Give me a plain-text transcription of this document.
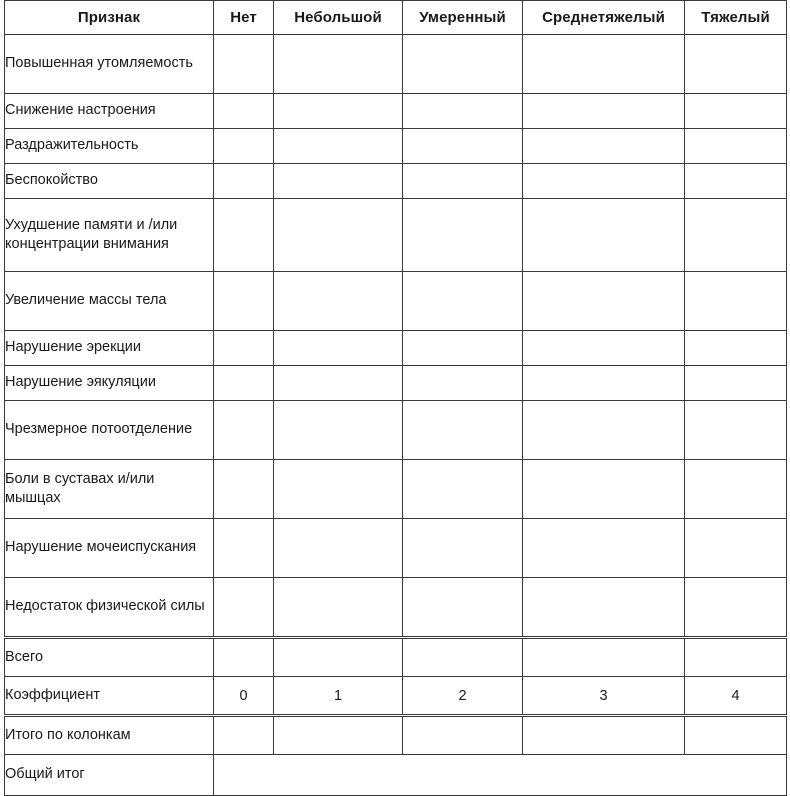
Признак	Нет	Небольшой	Умеренный	Среднетяжелый	Тяжелый
Повышенная утомляемость					
Снижение настроения					
Раздражительность					
Беспокойство					
Ухудшение памяти и /или концентрации внимания					
Увеличение массы тела					
Нарушение эрекции					
Нарушение эякуляции					
Чрезмерное потоотделение					
Боли в суставах и/или мышцах					
Нарушение мочеиспускания					
Недостаток физической силы					
Всего					
Коэффициент	0	1	2	3	4
Итого по колонкам					
Общий итог					
